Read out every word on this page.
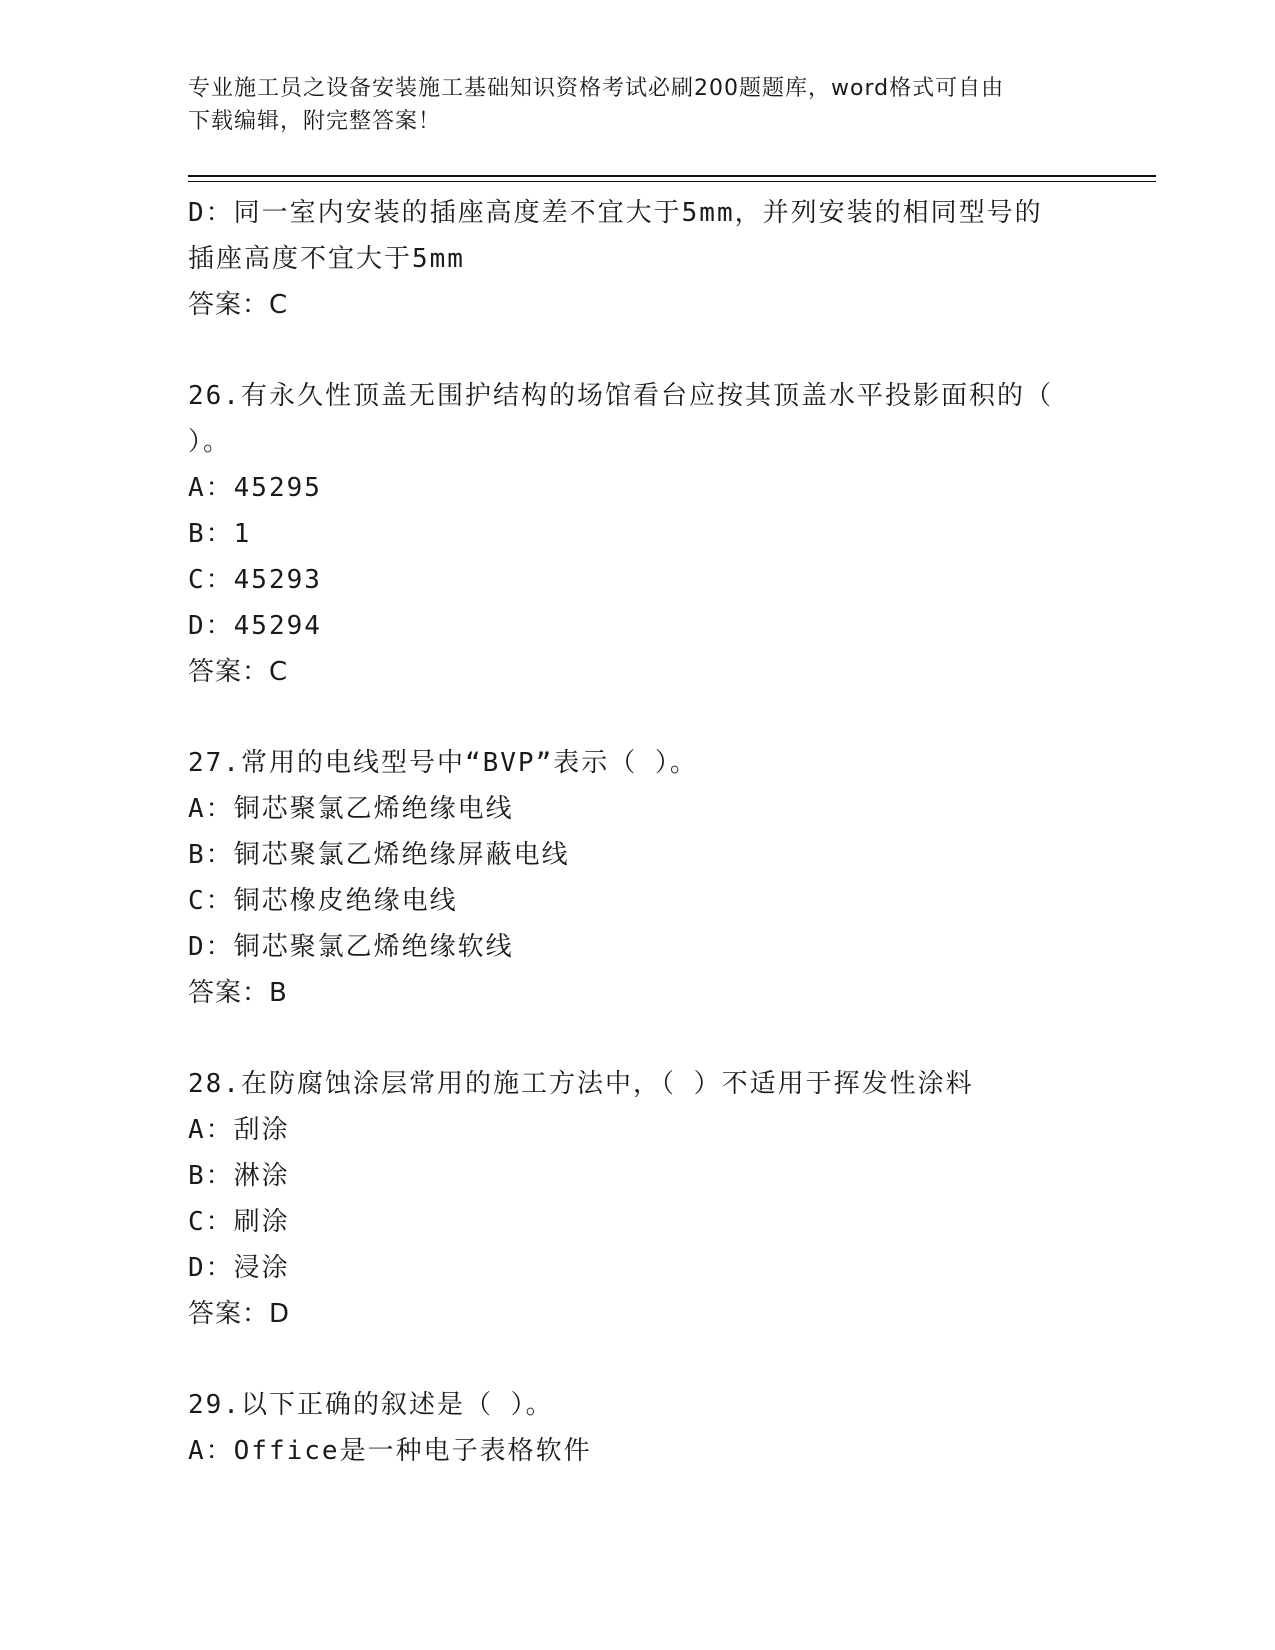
专业施工员之设备安装施工基础知识资格考试必刷200题题库，word格式可自由
下载编辑，附完整答案！
D：同一室内安装的插座高度差不宜大于5mm，并列安装的相同型号的
插座高度不宜大于5mm
答案：C
26.有永久性顶盖无围护结构的场馆看台应按其顶盖水平投影面积的（
）。
A：45295
B：1
C：45293
D：45294
答案：C
27.常用的电线型号中“BVP”表示（ ）。
A：铜芯聚氯乙烯绝缘电线
B：铜芯聚氯乙烯绝缘屏蔽电线
C：铜芯橡皮绝缘电线
D：铜芯聚氯乙烯绝缘软线
答案：B
28.在防腐蚀涂层常用的施工方法中，（ ）不适用于挥发性涂料
A：刮涂
B：淋涂
C：刷涂
D：浸涂
答案：D
29.以下正确的叙述是（ ）。
A：Office是一种电子表格软件
